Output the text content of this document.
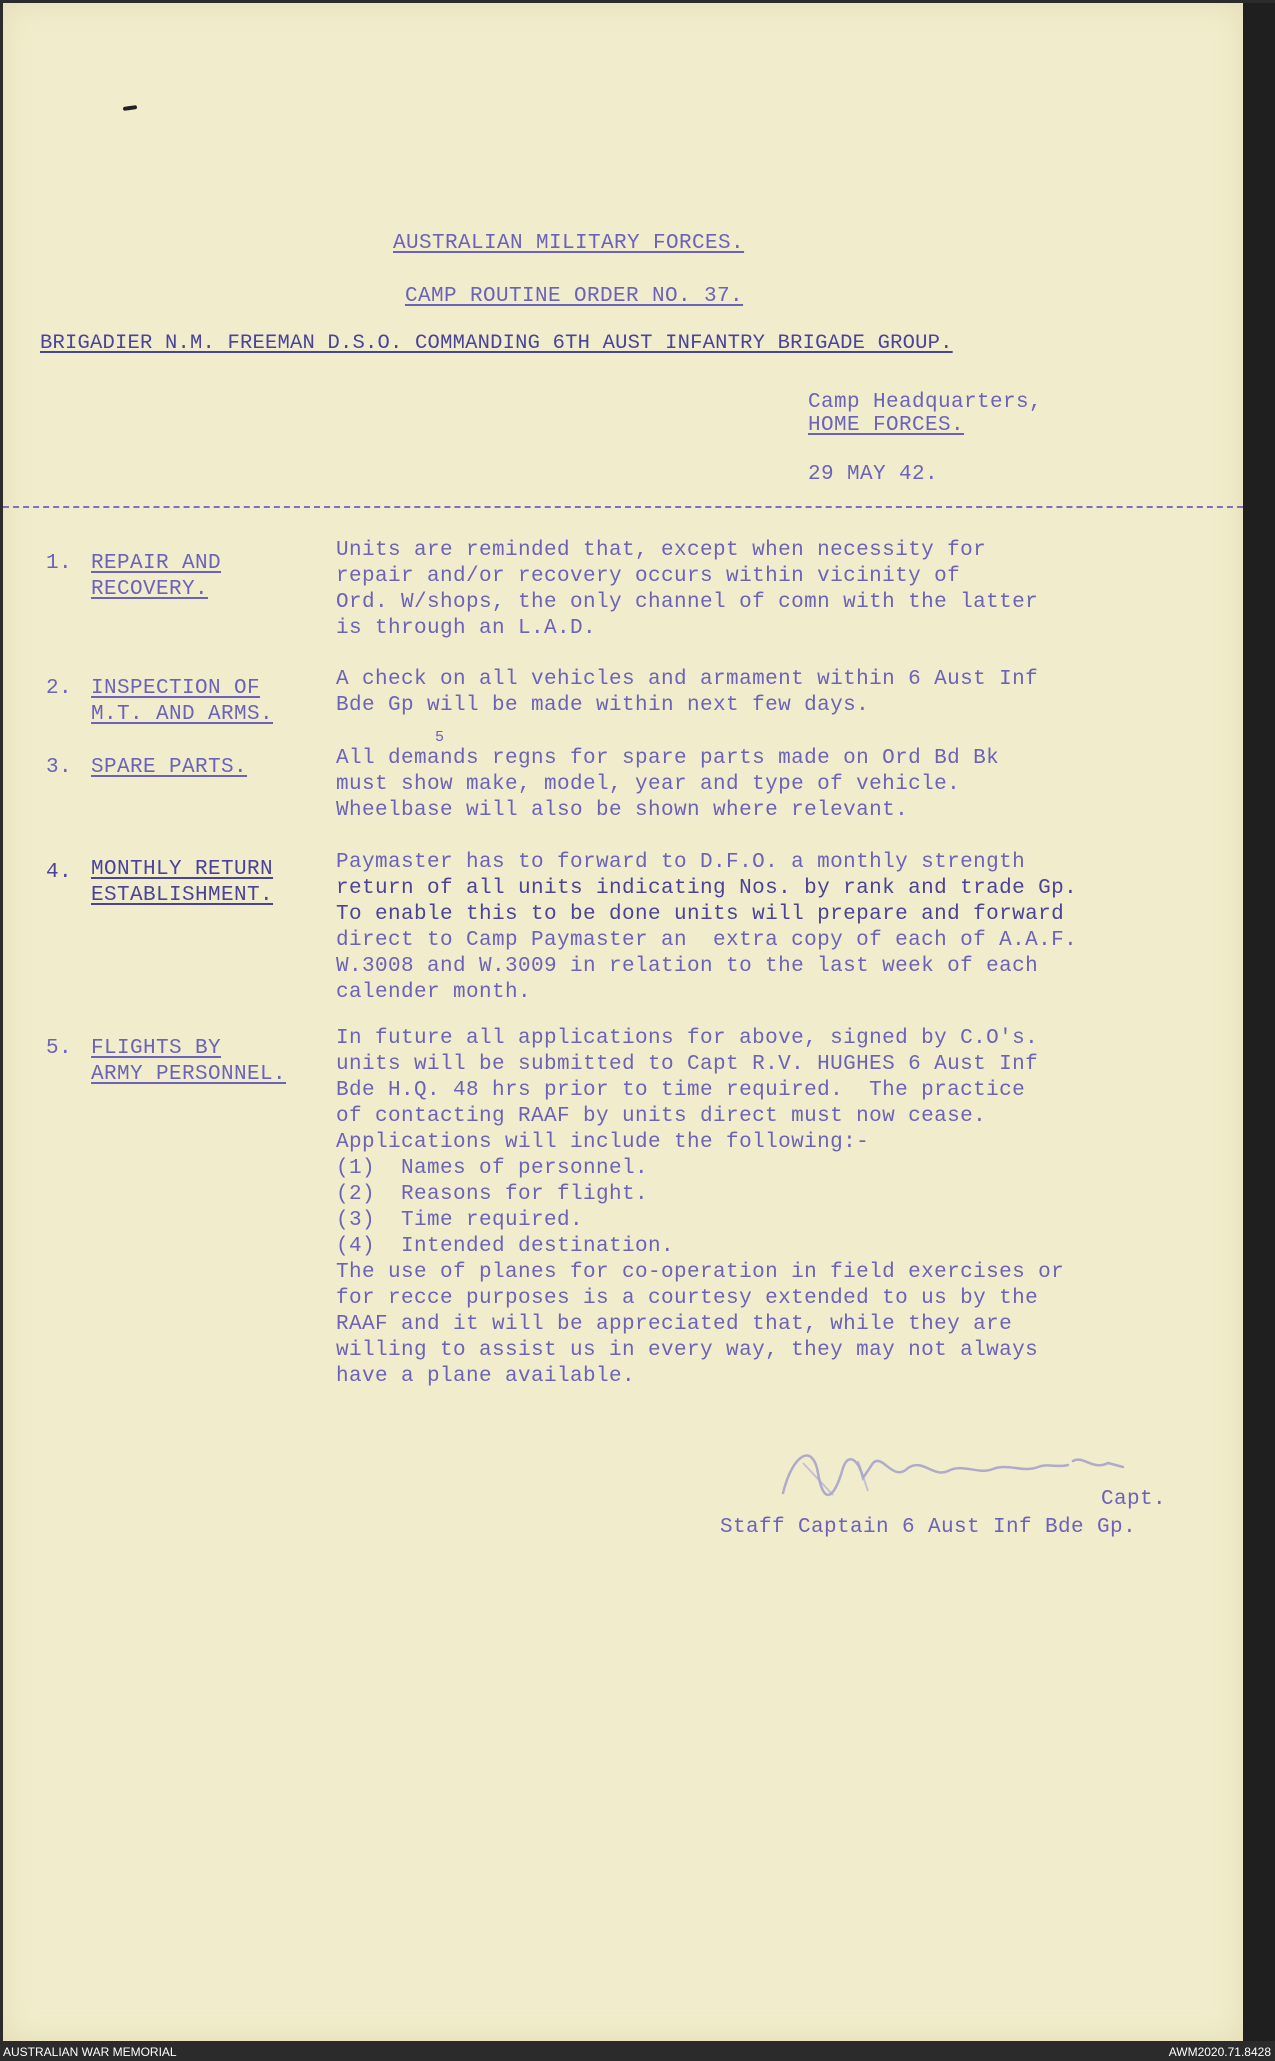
AUSTRALIAN MILITARY FORCES.
CAMP ROUTINE ORDER NO. 37.
BRIGADIER N.M. FREEMAN D.S.O. COMMANDING 6TH AUST INFANTRY BRIGADE GROUP.
Camp Headquarters,
HOME FORCES.
29 MAY 42.
1. REPAIR AND
RECOVERY.
Units are reminded that, except when necessity for
repair and/or recovery occurs within vicinity of
Ord. W/shops, the only channel of comn with the latter
is through an L.A.D.
2. INSPECTION OF
M.T. AND ARMS.
A check on all vehicles and armament within 6 Aust Inf
Bde Gp will be made within next few days.
3. SPARE PARTS.
5
All demands regns for spare parts made on Ord Bd Bk
must show make, model, year and type of vehicle.
Wheelbase will also be shown where relevant.
4. MONTHLY RETURN
ESTABLISHMENT.
Paymaster has to forward to D.F.O. a monthly strength
return of all units indicating Nos. by rank and trade Gp.
To enable this to be done units will prepare and forward
direct to Camp Paymaster an  extra copy of each of A.A.F.
W.3008 and W.3009 in relation to the last week of each
calender month.
5. FLIGHTS BY
ARMY PERSONNEL.
In future all applications for above, signed by C.O's.
units will be submitted to Capt R.V. HUGHES 6 Aust Inf
Bde H.Q. 48 hrs prior to time required.  The practice
of contacting RAAF by units direct must now cease.
Applications will include the following:-
(1)  Names of personnel.
(2)  Reasons for flight.
(3)  Time required.
(4)  Intended destination.
The use of planes for co-operation in field exercises or
for recce purposes is a courtesy extended to us by the
RAAF and it will be appreciated that, while they are
willing to assist us in every way, they may not always
have a plane available.
Capt.
Staff Captain 6 Aust Inf Bde Gp.
AUSTRALIAN WAR MEMORIAL	AWM2020.71.8428
